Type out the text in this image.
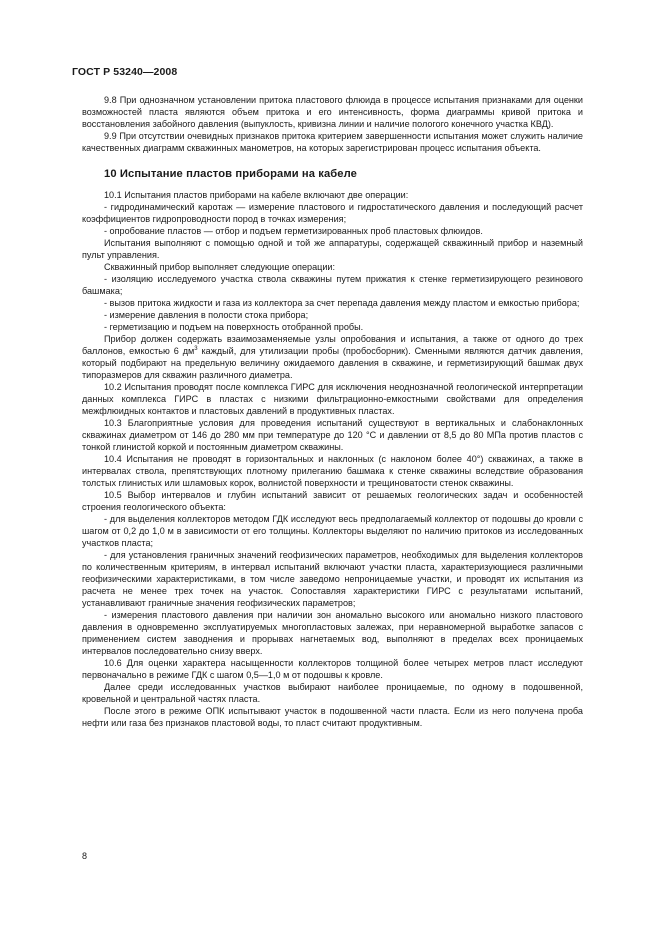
ГОСТ Р 53240—2008

9.8 При однозначном установлении притока пластового флюида в процессе испытания признаками для оценки возможностей пласта являются объем притока и его интенсивность, форма диаграммы кривой притока и восстановления забойного давления (выпуклость, кривизна линии и наличие пологого конечного участка КВД).

9.9 При отсутствии очевидных признаков притока критерием завершенности испытания может служить наличие качественных диаграмм скважинных манометров, на которых зарегистрирован процесс испытания объекта.

10 Испытание пластов приборами на кабеле

10.1 Испытания пластов приборами на кабеле включают две операции:

- гидродинамический каротаж — измерение пластового и гидростатического давления и последующий расчет коэффициентов гидропроводности пород в точках измерения;

- опробование пластов — отбор и подъем герметизированных проб пластовых флюидов.

Испытания выполняют с помощью одной и той же аппаратуры, содержащей скважинный прибор и наземный пульт управления.

Скважинный прибор выполняет следующие операции:

- изоляцию исследуемого участка ствола скважины путем прижатия к стенке герметизирующего резинового башмака;

- вызов притока жидкости и газа из коллектора за счет перепада давления между пластом и емкостью прибора;

- измерение давления в полости стока прибора;

- герметизацию и подъем на поверхность отобранной пробы.

Прибор должен содержать взаимозаменяемые узлы опробования и испытания, а также от одного до трех баллонов, емкостью 6 $дм^3$ каждый, для утилизации пробы (пробосборник). Сменными являются датчик давления, который подбирают на предельную величину ожидаемого давления в скважине, и герметизирующий башмак двух типоразмеров для скважин различного диаметра.

10.2 Испытания проводят после комплекса ГИРС для исключения неоднозначной геологической интерпретации данных комплекса ГИРС в пластах с низкими фильтрационно-емкостными свойствами для определения межфлюидных контактов и пластовых давлений в продуктивных пластах.

10.3 Благоприятные условия для проведения испытаний существуют в вертикальных и слабонаклонных скважинах диаметром от 146 до 280 мм при температуре до 120 °С и давлении от 8,5 до 80 МПа против пластов с тонкой глинистой коркой и постоянным диаметром скважины.

10.4 Испытания не проводят в горизонтальных и наклонных (с наклоном более 40°) скважинах, а также в интервалах ствола, препятствующих плотному прилеганию башмака к стенке скважины вследствие образования толстых глинистых или шламовых корок, волнистой поверхности и трещиноватости стенок скважины.

10.5 Выбор интервалов и глубин испытаний зависит от решаемых геологических задач и особенностей строения геологического объекта:

- для выделения коллекторов методом ГДК исследуют весь предполагаемый коллектор от подошвы до кровли с шагом от 0,2 до 1,0 м в зависимости от его толщины. Коллекторы выделяют по наличию притоков из исследованных участков пласта;

- для установления граничных значений геофизических параметров, необходимых для выделения коллекторов по количественным критериям, в интервал испытаний включают участки пласта, характеризующиеся различными геофизическими характеристиками, в том числе заведомо непроницаемые участки, и проводят их испытания из расчета не менее трех точек на участок. Сопоставляя характеристики ГИРС с результатами испытаний, устанавливают граничные значения геофизических параметров;

- измерения пластового давления при наличии зон аномально высокого или аномально низкого пластового давления в одновременно эксплуатируемых многопластовых залежах, при неравномерной выработке запасов с применением систем заводнения и прорывах нагнетаемых вод, выполняют в пределах всех проницаемых интервалов последовательно снизу вверх.

10.6 Для оценки характера насыщенности коллекторов толщиной более четырех метров пласт исследуют первоначально в режиме ГДК с шагом 0,5—1,0 м от подошвы к кровле.

Далее среди исследованных участков выбирают наиболее проницаемые, по одному в подошвенной, кровельной и центральной частях пласта.

После этого в режиме ОПК испытывают участок в подошвенной части пласта. Если из него получена проба нефти или газа без признаков пластовой воды, то пласт считают продуктивным.

8
